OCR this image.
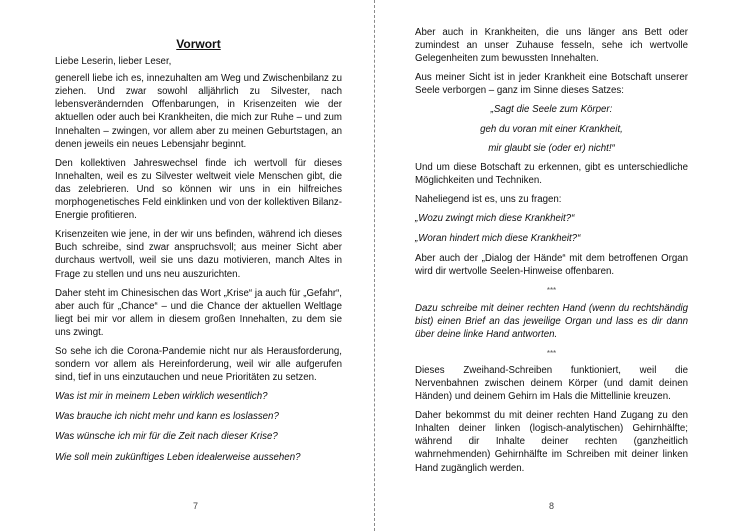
Vorwort

Liebe Leserin, lieber Leser,

generell liebe ich es, innezuhalten am Weg und Zwischenbilanz zu ziehen. Und zwar sowohl alljährlich zu Silvester, nach lebensverändernden Offenbarungen, in Krisenzeiten wie der aktuellen oder auch bei Krankheiten, die mich zur Ruhe – und zum Innehalten – zwingen, vor allem aber zu meinen Geburtstagen, an denen jeweils ein neues Lebensjahr beginnt.

Den kollektiven Jahreswechsel finde ich wertvoll für dieses Innehalten, weil es zu Silvester weltweit viele Menschen gibt, die das zelebrieren. Und so können wir uns in ein hilfreiches morphogenetisches Feld einklinken und von der kollektiven Bilanz-Energie profitieren.

Krisenzeiten wie jene, in der wir uns befinden, während ich dieses Buch schreibe, sind zwar anspruchsvoll; aus meiner Sicht aber durchaus wertvoll, weil sie uns dazu motivieren, manch Altes in Frage zu stellen und uns neu auszurichten.

Daher steht im Chinesischen das Wort „Krise“ ja auch für „Gefahr“, aber auch für „Chance“ – und die Chance der aktuellen Weltlage liegt bei mir vor allem in diesem großen Innehalten, zu dem sie uns zwingt.

So sehe ich die Corona-Pandemie nicht nur als Herausforderung, sondern vor allem als Hereinforderung, weil wir alle aufgerufen sind, tief in uns einzutauchen und neue Prioritäten zu setzen.

Was ist mir in meinem Leben wirklich wesentlich?

Was brauche ich nicht mehr und kann es loslassen?

Was wünsche ich mir für die Zeit nach dieser Krise?

Wie soll mein zukünftiges Leben idealerweise aussehen?

7

Aber auch in Krankheiten, die uns länger ans Bett oder zumindest an unser Zuhause fesseln, sehe ich wertvolle Gelegenheiten zum bewussten Innehalten.

Aus meiner Sicht ist in jeder Krankheit eine Botschaft unserer Seele verborgen – ganz im Sinne dieses Satzes:

„Sagt die Seele zum Körper:

geh du voran mit einer Krankheit,

mir glaubt sie (oder er) nicht!“

Und um diese Botschaft zu erkennen, gibt es unterschiedliche Möglichkeiten und Techniken.

Naheliegend ist es, uns zu fragen:

„Wozu zwingt mich diese Krankheit?“

„Woran hindert mich diese Krankheit?“

Aber auch der „Dialog der Hände“ mit dem betroffenen Organ wird dir wertvolle Seelen-Hinweise offenbaren.

***

Dazu schreibe mit deiner rechten Hand (wenn du rechtshändig bist) einen Brief an das jeweilige Organ und lass es dir dann über deine linke Hand antworten.

***

Dieses Zweihand-Schreiben funktioniert, weil die Nervenbahnen zwischen deinem Körper (und damit deinen Händen) und deinem Gehirn im Hals die Mittellinie kreuzen.

Daher bekommst du mit deiner rechten Hand Zugang zu den Inhalten deiner linken (logisch-analytischen) Gehirnhälfte; während dir Inhalte deiner rechten (ganzheitlich wahrnehmenden) Gehirnhälfte im Schreiben mit deiner linken Hand zugänglich werden.

8
